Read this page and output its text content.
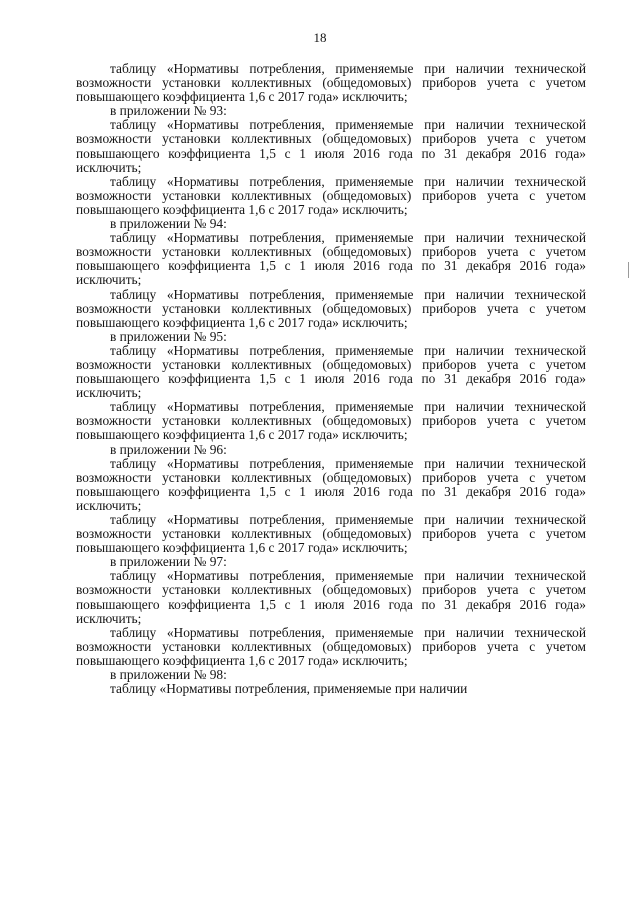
18

таблицу «Нормативы потребления, применяемые при наличии технической возможности установки коллективных (общедомовых) приборов учета с учетом повышающего коэффициента 1,6 с 2017 года» исключить;

в приложении № 93:

таблицу «Нормативы потребления, применяемые при наличии технической возможности установки коллективных (общедомовых) приборов учета с учетом повышающего коэффициента 1,5 с 1 июля 2016 года по 31 декабря 2016 года» исключить;

таблицу «Нормативы потребления, применяемые при наличии технической возможности установки коллективных (общедомовых) приборов учета с учетом повышающего коэффициента 1,6 с 2017 года» исключить;

в приложении № 94:

таблицу «Нормативы потребления, применяемые при наличии технической возможности установки коллективных (общедомовых) приборов учета с учетом повышающего коэффициента 1,5 с 1 июля 2016 года по 31 декабря 2016 года» исключить;

таблицу «Нормативы потребления, применяемые при наличии технической возможности установки коллективных (общедомовых) приборов учета с учетом повышающего коэффициента 1,6 с 2017 года» исключить;

в приложении № 95:

таблицу «Нормативы потребления, применяемые при наличии технической возможности установки коллективных (общедомовых) приборов учета с учетом повышающего коэффициента 1,5 с 1 июля 2016 года по 31 декабря 2016 года» исключить;

таблицу «Нормативы потребления, применяемые при наличии технической возможности установки коллективных (общедомовых) приборов учета с учетом повышающего коэффициента 1,6 с 2017 года» исключить;

в приложении № 96:

таблицу «Нормативы потребления, применяемые при наличии технической возможности установки коллективных (общедомовых) приборов учета с учетом повышающего коэффициента 1,5 с 1 июля 2016 года по 31 декабря 2016 года» исключить;

таблицу «Нормативы потребления, применяемые при наличии технической возможности установки коллективных (общедомовых) приборов учета с учетом повышающего коэффициента 1,6 с 2017 года» исключить;

в приложении № 97:

таблицу «Нормативы потребления, применяемые при наличии технической возможности установки коллективных (общедомовых) приборов учета с учетом повышающего коэффициента 1,5 с 1 июля 2016 года по 31 декабря 2016 года» исключить;

таблицу «Нормативы потребления, применяемые при наличии технической возможности установки коллективных (общедомовых) приборов учета с учетом повышающего коэффициента 1,6 с 2017 года» исключить;

в приложении № 98:

таблицу «Нормативы потребления, применяемые при наличии
